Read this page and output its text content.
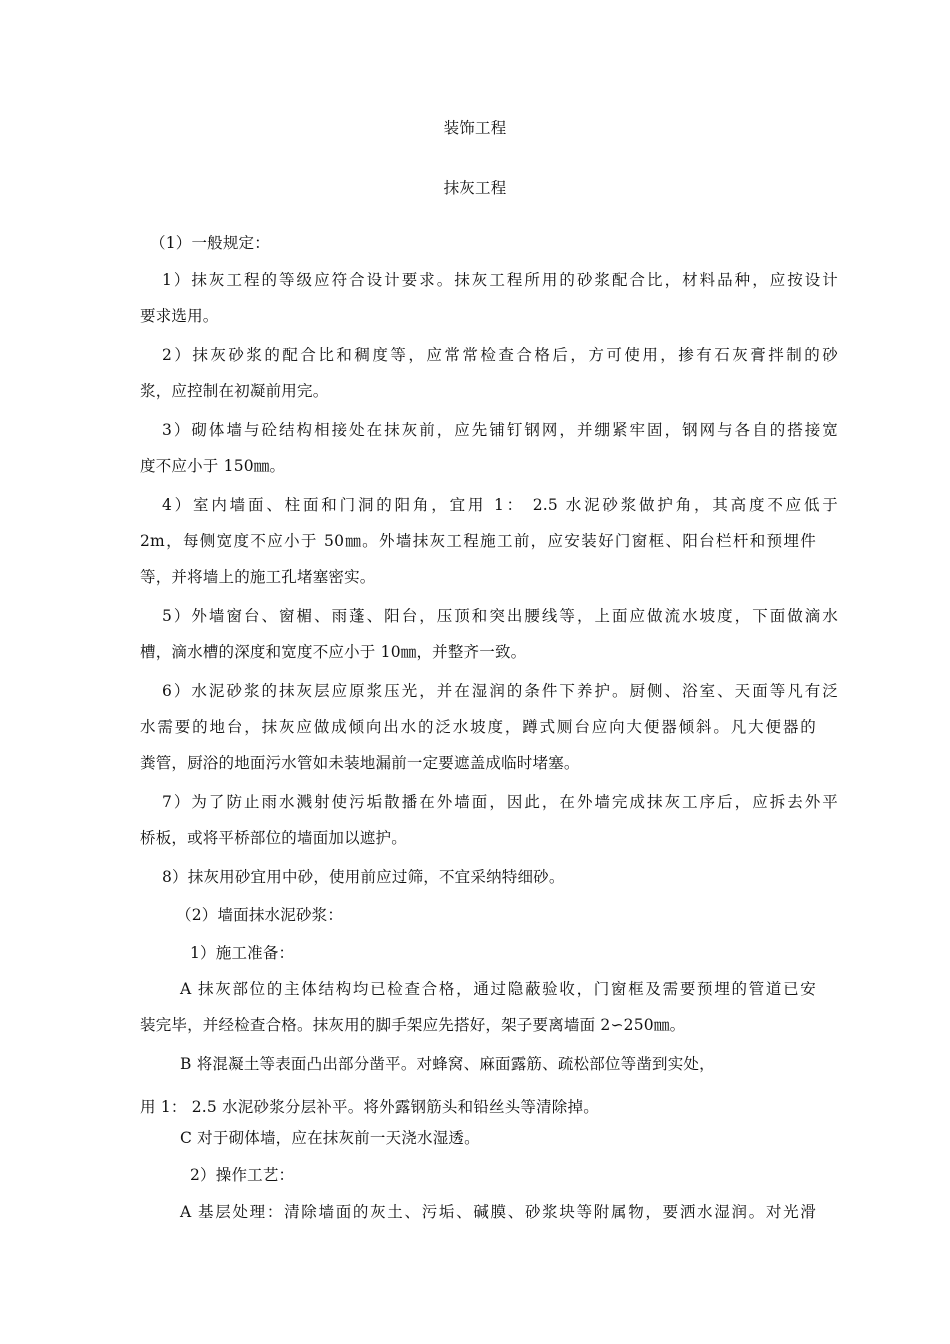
装饰工程
抹灰工程
（1）一般规定：
1）抹灰工程的等级应符合设计要求。抹灰工程所用的砂浆配合比，材料品种，应按设计
要求选用。
2）抹灰砂浆的配合比和稠度等，应常常检查合格后，方可使用，掺有石灰膏拌制的砂
浆，应控制在初凝前用完。
3）砌体墙与砼结构相接处在抹灰前，应先铺钉钢网，并绷紧牢固，钢网与各自的搭接宽
度不应小于 150㎜。
4）室内墙面、柱面和门洞的阳角，宜用 1： 2.5 水泥砂浆做护角，其高度不应低于
2m，每侧宽度不应小于 50㎜。外墙抹灰工程施工前，应安装好门窗框、阳台栏杆和预埋件
等，并将墙上的施工孔堵塞密实。
5）外墙窗台、窗楣、雨蓬、阳台，压顶和突出腰线等，上面应做流水坡度，下面做滴水
槽，滴水槽的深度和宽度不应小于 10㎜，并整齐一致。
6）水泥砂浆的抹灰层应原浆压光，并在湿润的条件下养护。厨侧、浴室、天面等凡有泛
水需要的地台，抹灰应做成倾向出水的泛水坡度，蹲式厕台应向大便器倾斜。凡大便器的
粪管，厨浴的地面污水管如未装地漏前一定要遮盖成临时堵塞。
7）为了防止雨水溅射使污垢散播在外墙面，因此，在外墙完成抹灰工序后，应拆去外平
桥板，或将平桥部位的墙面加以遮护。
8）抹灰用砂宜用中砂，使用前应过筛，不宜采纳特细砂。
（2）墙面抹水泥砂浆：
1）施工准备：
A 抹灰部位的主体结构均已检查合格，通过隐蔽验收，门窗框及需要预埋的管道已安
装完毕，并经检查合格。抹灰用的脚手架应先搭好，架子要离墙面 2∽250㎜。
B 将混凝土等表面凸出部分凿平。对蜂窝、麻面露筋、疏松部位等凿到实处，
用 1： 2.5 水泥砂浆分层补平。将外露钢筋头和铅丝头等清除掉。
C 对于砌体墙，应在抹灰前一天浇水湿透。
2）操作工艺：
A 基层处理：清除墙面的灰土、污垢、碱膜、砂浆块等附属物，要洒水湿润。对光滑
